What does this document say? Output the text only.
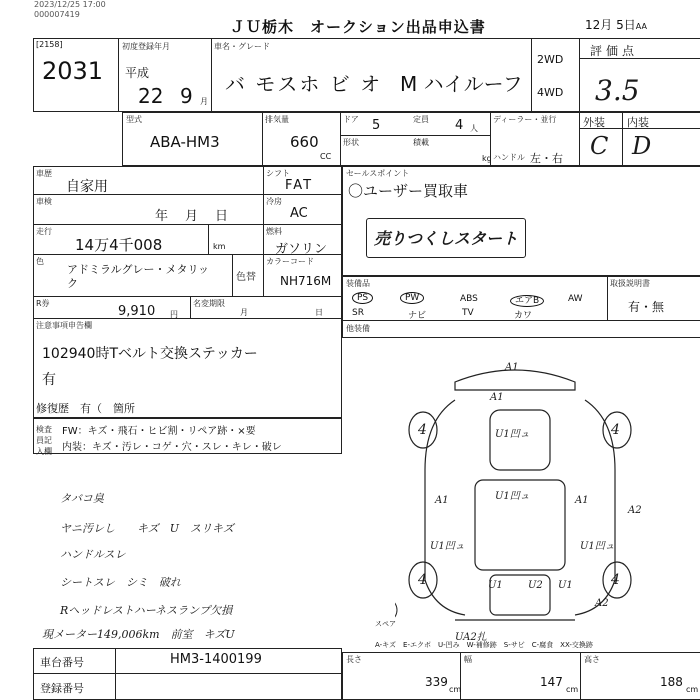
2023/12/25 17:00
000007419
ＪＵ栃木　オークション出品申込書	12月 5日AA
[2158]
2031
初度登録年月
平成
22 9 月
車名・グレード
バ モスホ ビ オ M ハイルーフ
2WD
4WD
評価点
3.5
型式
ABA-HM3
排気量
660
CC
ドア 5	定員 4 人
形状	積載
kg
ディーラー・並行
ハンドル 左・右
外装 内装
C D
車歴
自家用
シフト
FAT
車検
年 月 日
冷房
AC
走行
14万4千008	km
燃料
ガソリン
色
アドミラルグレー・メタリック	色替
カラーコード
NH716M
R券
9,910 円
名変期限
月	日
注意事項申告欄
102940時Tベルト交換ステッカー
有
修復歴 有（　箇所
セールスポイント
〇ユーザー買取車
売りつくしスタート
装備品	取扱説明書
有・無
PS	PW	ABS	エアB	AW
SR	ナビ	TV	カワ
他装備
検査員記入欄
FW：キズ・飛石・ヒビ割・リペア跡・×要
内装：キズ・汚レ・コゲ・穴・スレ・キレ・破レ
タバコ臭
ヤニ汚レし　　キズ　U　スリキズ
ハンドルスレ
シートスレ　シミ　破れ
Rヘッドレストハーネスランプ欠損
現メーター149,006km　前室　キズU
A1
A1
U1凹ュ
U1凹ュ
A1	A1
U1凹ュ	U1凹ュ
A2
U1	U2 U1
UA2扎
A2
4	4
4	4
スペア
A-キズ　E-エクボ　U-凹み　W-補修跡　S-サビ　C-腐食　XX-交換跡
車台番号	HM3-1400199
登録番号
長さ
339
cm
幅
147
cm
高さ
188
cm
